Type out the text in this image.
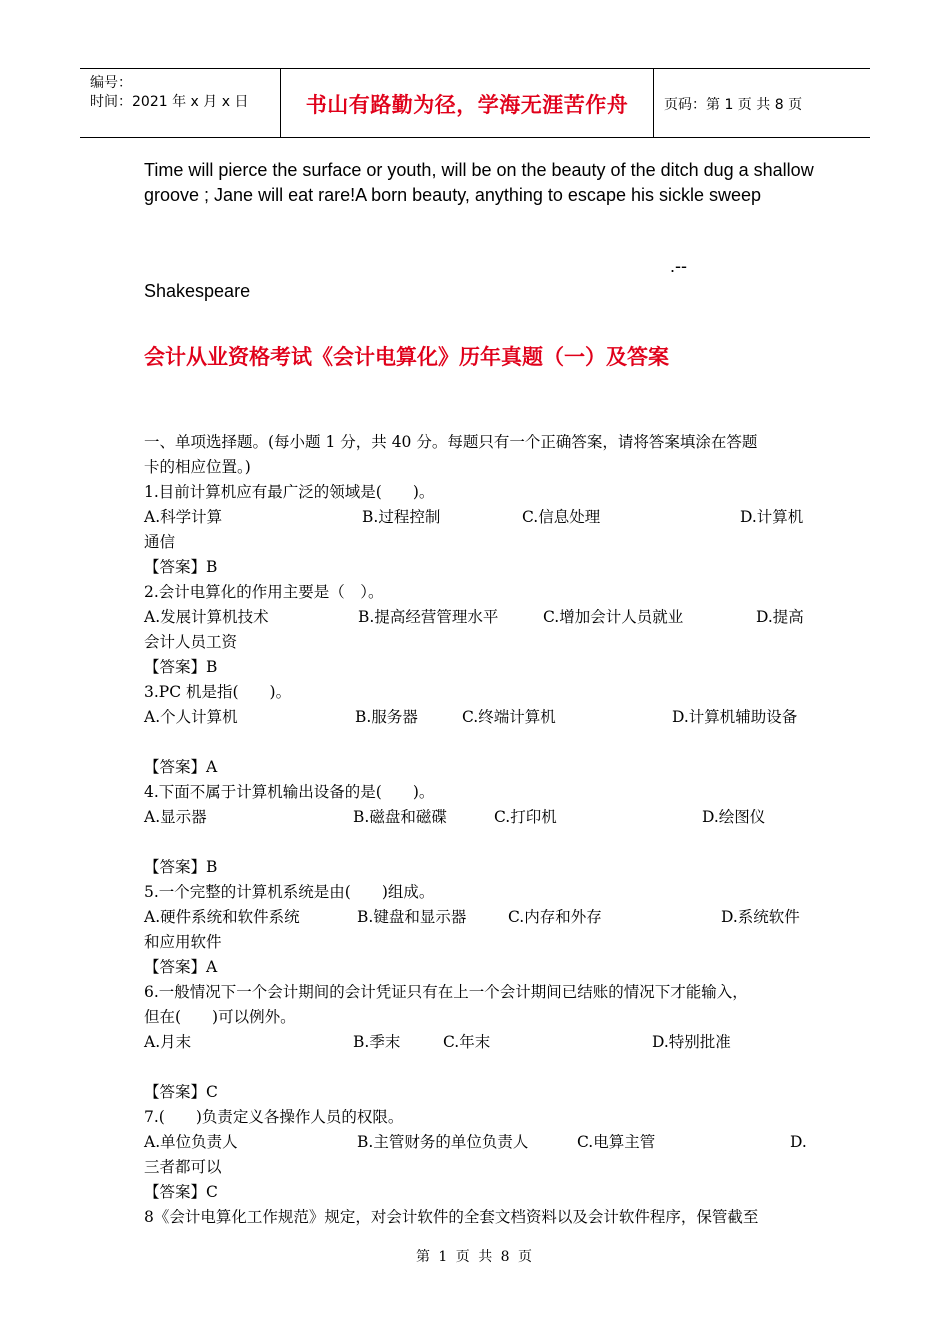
编号：
时间：2021 年 x 月 x 日	书山有路勤为径，学海无涯苦作舟	页码：第 1 页 共 8 页
Time will pierce the surface or youth, will be on the beauty of the ditch dug a shallow groove ; Jane will eat rare!A born beauty, anything to escape his sickle sweep
.--
Shakespeare
会计从业资格考试《会计电算化》历年真题（一）及答案
一、单项选择题。(每小题 1 分，共 40 分。每题只有一个正确答案，请将答案填涂在答题
卡的相应位置。)
1.目前计算机应有最广泛的领域是(　　)。
A.科学计算	B.过程控制	C.信息处理	D.计算机
通信
【答案】B
2.会计电算化的作用主要是（　）。
A.发展计算机技术	B.提高经营管理水平	C.增加会计人员就业	D.提高
会计人员工资
【答案】B
3.PC 机是指(　　)。
A.个人计算机	B.服务器	C.终端计算机	D.计算机辅助设备
【答案】A
4.下面不属于计算机输出设备的是(　　)。
A.显示器	B.磁盘和磁碟	C.打印机	D.绘图仪
【答案】B
5.一个完整的计算机系统是由(　　)组成。
A.硬件系统和软件系统	B.键盘和显示器	C.内存和外存	D.系统软件
和应用软件
【答案】A
6.一般情况下一个会计期间的会计凭证只有在上一个会计期间已结账的情况下才能输入，
但在(　　)可以例外。
A.月末	B.季末	C.年末	D.特别批准
【答案】C
7.(　　)负责定义各操作人员的权限。
A.单位负责人	B.主管财务的单位负责人	C.电算主管	D.
三者都可以
【答案】C
8《会计电算化工作规范》规定，对会计软件的全套文档资料以及会计软件程序，保管截至
第 1 页 共 8 页
